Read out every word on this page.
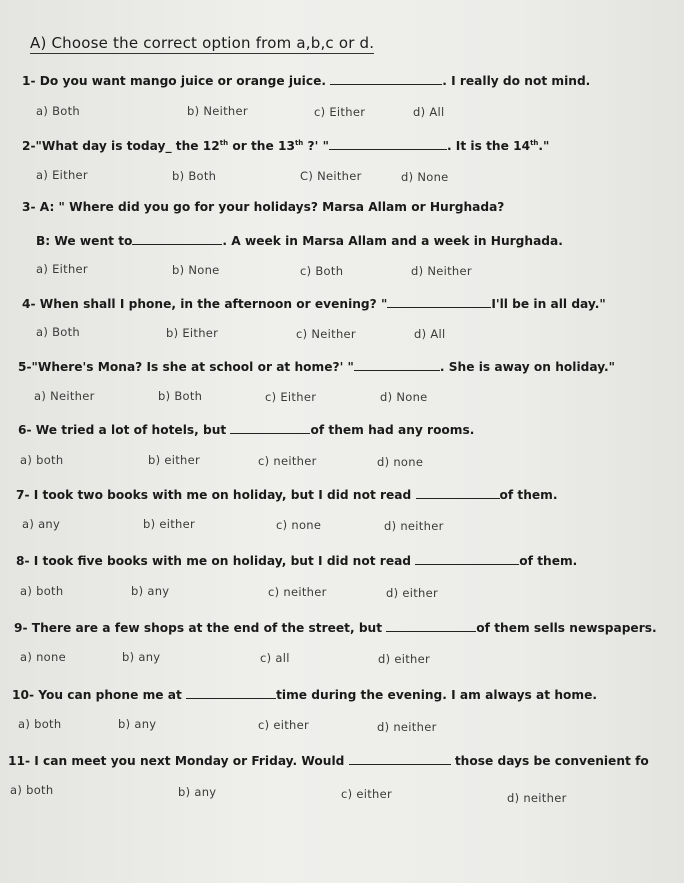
A) Choose the correct option from a,b,c or d.
1- Do you want mango juice or orange juice.	. I really do not mind.
a) Both	b) Neither	c) Either	d) All
2-"What day is today_ the 12th or the 13th ?' "	. It is the 14th."
a) Either	b) Both	C) Neither	d) None
3- A: " Where did you go for your holidays? Marsa Allam or Hurghada?
B: We went to	. A week in Marsa Allam and a week in Hurghada.
a) Either	b) None	c) Both	d) Neither
4- When shall I phone, in the afternoon or evening? "	I'll be in all day."
a) Both	b) Either	c) Neither	d) All
5-"Where's Mona? Is she at school or at home?' "	. She is away on holiday."
a) Neither	b) Both	c) Either	d) None
6- We tried a lot of hotels, but	of them had any rooms.
a) both	b) either	c) neither	d) none
7- I took two books with me on holiday, but I did not read	of them.
a) any	b) either	c) none	d) neither
8- I took five books with me on holiday, but I did not read	of them.
a) both	b) any	c) neither	d) either
9- There are a few shops at the end of the street, but	of them sells newspapers.
a) none	b) any	c) all	d) either
10- You can phone me at	time during the evening. I am always at home.
a) both	b) any	c) either	d) neither
11- I can meet you next Monday or Friday. Would	those days be convenient fo
a) both	b) any	c) either	d) neither
